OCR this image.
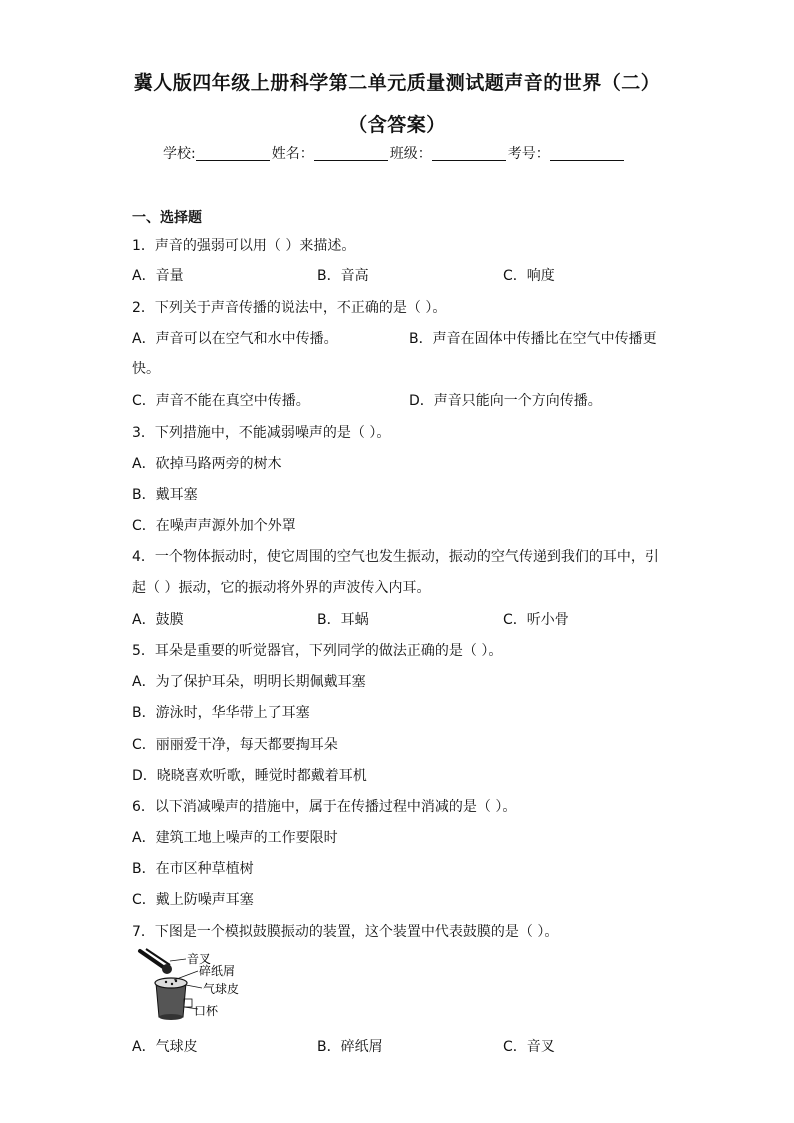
冀人版四年级上册科学第二单元质量测试题声音的世界（二）
（含答案）
学校:	姓名：	班级：	考号：
一、选择题
1．声音的强弱可以用（ ）来描述。
A．音量	B．音高	C．响度
2．下列关于声音传播的说法中，不正确的是（ ）。
A．声音可以在空气和水中传播。	B．声音在固体中传播比在空气中传播更
快。
C．声音不能在真空中传播。	D．声音只能向一个方向传播。
3．下列措施中，不能减弱噪声的是（ ）。
A．砍掉马路两旁的树木
B．戴耳塞
C．在噪声声源外加个外罩
4．一个物体振动时，使它周围的空气也发生振动，振动的空气传递到我们的耳中，引
起（ ）振动，它的振动将外界的声波传入内耳。
A．鼓膜	B．耳蜗	C．听小骨
5．耳朵是重要的听觉器官，下列同学的做法正确的是（ ）。
A．为了保护耳朵，明明长期佩戴耳塞
B．游泳时，华华带上了耳塞
C．丽丽爱干净，每天都要掏耳朵
D．晓晓喜欢听歌，睡觉时都戴着耳机
6．以下消减噪声的措施中，属于在传播过程中消减的是（ ）。
A．建筑工地上噪声的工作要限时
B．在市区种草植树
C．戴上防噪声耳塞
7．下图是一个模拟鼓膜振动的装置，这个装置中代表鼓膜的是（ ）。
音叉
碎纸屑
气球皮
口杯
A．气球皮	B．碎纸屑	C．音叉
